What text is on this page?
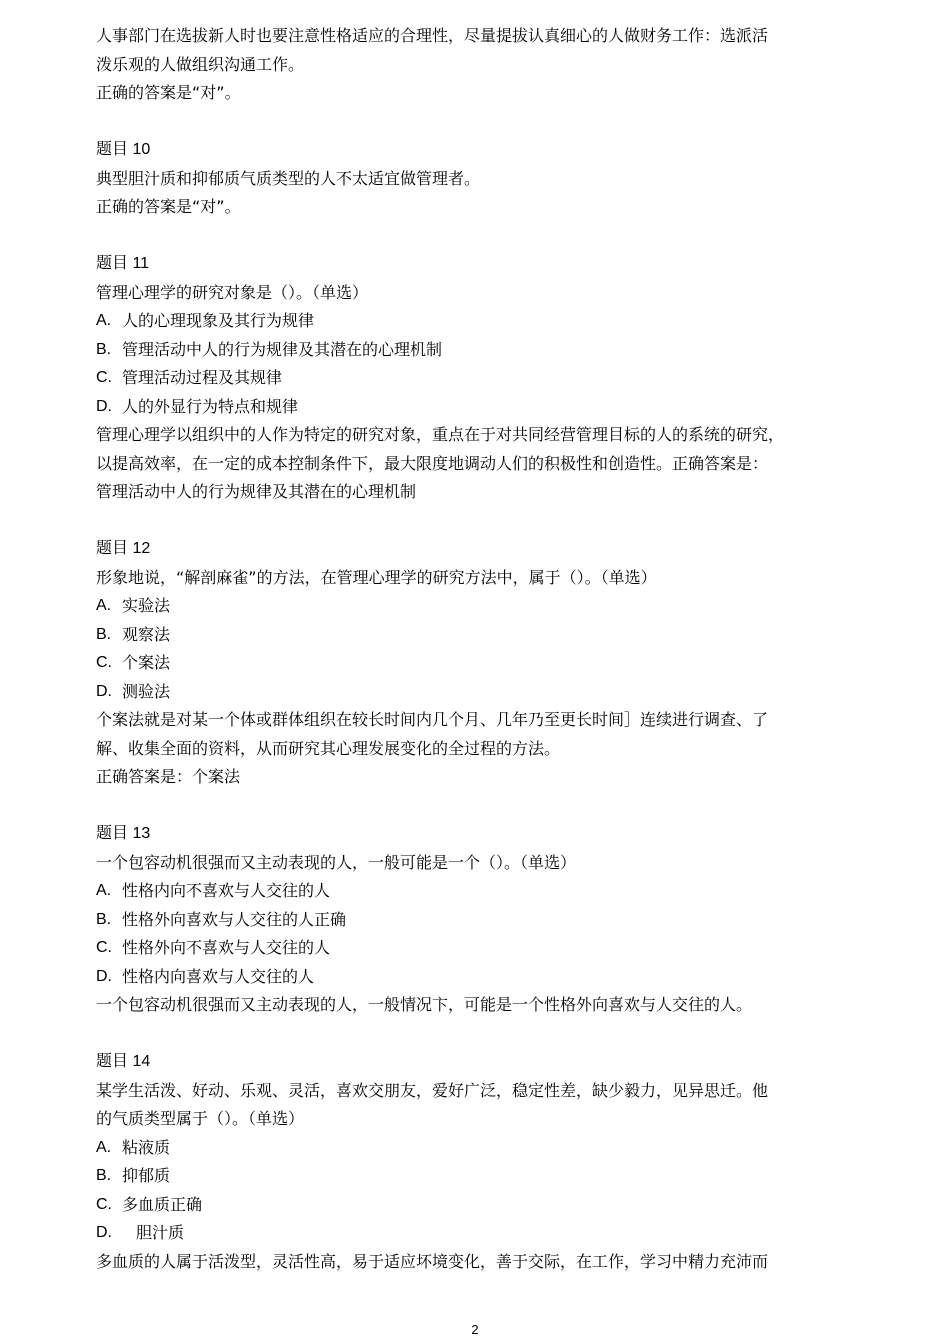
人事部门在选拔新人时也要注意性格适应的合理性，尽量提拔认真细心的人做财务工作：选派活
泼乐观的人做组织沟通工作。
正确的答案是“对”。
题目 10
典型胆汁质和抑郁质气质类型的人不太适宜做管理者。
正确的答案是“对”。
题目 11
管理心理学的研究对象是（）。（单选）
A. 人的心理现象及其行为规律
B. 管理活动中人的行为规律及其潜在的心理机制
C. 管理活动过程及其规律
D. 人的外显行为特点和规律
管理心理学以组织中的人作为特定的研究对象，重点在于对共同经营管理目标的人的系统的研究，
以提高效率，在一定的成本控制条件下，最大限度地调动人们的积极性和创造性。正确答案是：
管理活动中人的行为规律及其潜在的心理机制
题目 12
形象地说，“解剖麻雀”的方法，在管理心理学的研究方法中，属于（）。（单选）
A. 实验法
B. 观察法
C. 个案法
D. 测验法
个案法就是对某一个体或群体组织在较长时间内几个月、几年乃至更长时间］连续进行调查、了
解、收集全面的资料，从而研究其心理发展变化的全过程的方法。
正确答案是：个案法
题目 13
一个包容动机很强而又主动表现的人，一般可能是一个（）。（单选）
A. 性格内向不喜欢与人交往的人
B. 性格外向喜欢与人交往的人正确
C. 性格外向不喜欢与人交往的人
D. 性格内向喜欢与人交往的人
一个包容动机很强而又主动表现的人，一般情况卞，可能是一个性格外向喜欢与人交往的人。
题目 14
某学生活泼、好动、乐观、灵活，喜欢交朋友，爱好广泛，稳定性差，缺少毅力，见异思迁。他
的气质类型属于（）。（单选）
A. 粘液质
B. 抑郁质
C. 多血质正确
D.	胆汁质
多血质的人属于活泼型，灵活性高，易于适应坏境变化，善于交际，在工作，学习中精力充沛而
2
